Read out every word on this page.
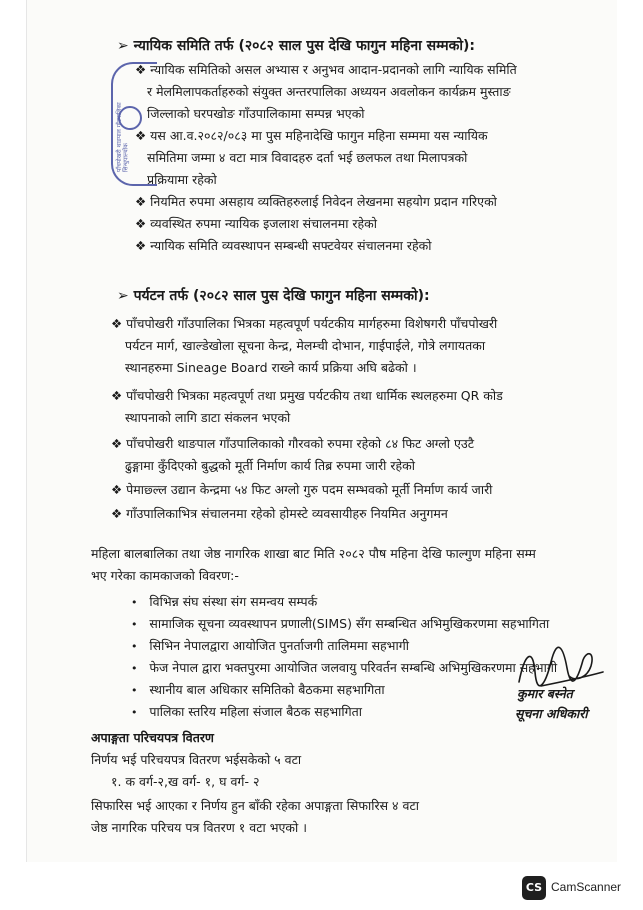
➢ न्यायिक समिति तर्फ (२०८२ साल पुस देखि फागुन महिना सम्मको):
❖ न्यायिक समितिको असल अभ्यास र अनुभव आदान-प्रदानको लागि न्यायिक समिति
र मेलमिलापकर्ताहरुको संयुक्त अन्तरपालिका अध्ययन अवलोकन कार्यक्रम मुस्ताङ
जिल्लाको घरपखोङ गाँउपालिकामा सम्पन्न भएको
❖ यस आ.व.२०८२/०८३ मा पुस महिनादेखि फागुन महिना सम्ममा यस न्यायिक
समितिमा जम्मा ४ वटा मात्र विवादहरु दर्ता भई छलफल तथा मिलापत्रको
प्रक्रियामा रहेको
❖ नियमित रुपमा असहाय व्यक्तिहरुलाई निवेदन लेखनमा सहयोग प्रदान गरिएको
❖ व्यवस्थित रुपमा न्यायिक इजलाश संचालनमा रहेको
❖ न्यायिक समिति व्यवस्थापन सम्बन्धी सफ्टवेयर संचालनमा रहेको
➢ पर्यटन तर्फ (२०८२ साल पुस देखि फागुन महिना सम्मको):
❖ पाँचपोखरी गाँउपालिका भित्रका महत्वपूर्ण पर्यटकीय मार्गहरुमा विशेषगरी पाँचपोखरी
पर्यटन मार्ग, खाल्डेखोला सूचना केन्द्र, मेलम्ची दोभान, गाईपाईले, गोत्रे लगायतका
स्थानहरुमा Sineage Board राख्ने कार्य प्रक्रिया अघि बढेको ।
❖ पाँचपोखरी भित्रका महत्वपूर्ण तथा प्रमुख पर्यटकीय तथा धार्मिक स्थलहरुमा QR कोड
स्थापनाको लागि डाटा संकलन भएको
❖ पाँचपोखरी थाङपाल गाँउपालिकाको गौरवको रुपमा रहेको ८४ फिट अग्लो एउटै
ढुङ्गामा कुँदिएको बुद्धको मूर्ती निर्माण कार्य तिब्र रुपमा जारी रहेको
❖ पेमाछ्ल्ल उद्यान केन्द्रमा ५४ फिट अग्लो गुरु पदम सम्भवको मूर्ती निर्माण कार्य जारी
❖ गाँउपालिकाभित्र संचालनमा रहेको होमस्टे व्यवसायीहरु नियमित अनुगमन
महिला बालबालिका तथा जेष्ठ नागरिक शाखा बाट मिति २०८२ पौष महिना देखि फाल्गुण महिना सम्म
भए गरेका कामकाजको विवरण:-
• विभिन्न संघ संस्था संग समन्वय सम्पर्क
• सामाजिक सूचना व्यवस्थापन प्रणाली(SIMS) सँग सम्बन्धित अभिमुखिकरणमा सहभागिता
• सिभिन नेपालद्वारा आयोजित पुनर्ताजगी तालिममा सहभागी
• फेज नेपाल द्वारा भक्तपुरमा आयोजित जलवायु परिवर्तन सम्बन्धि अभिमुखिकरणमा सहभागी
• स्थानीय बाल अधिकार समितिको बैठकमा सहभागिता
• पालिका स्तरिय महिला संजाल बैठक सहभागिता
अपाङ्गता परिचयपत्र वितरण
निर्णय भई परिचयपत्र वितरण भईसकेको ५ वटा
१. क वर्ग-२,ख वर्ग- १, घ वर्ग- २
सिफारिस भई आएका र निर्णय हुन बाँकी रहेका अपाङ्गता सिफारिस ४ वटा
जेष्ठ नागरिक परिचय पत्र वितरण १ वटा भएको ।
पाँचपोखरी थाङपाल गाँउपालिका सिन्धुपाल्चोक
कुमार बस्नेत
सूचना अधिकारी
CS CamScanner
